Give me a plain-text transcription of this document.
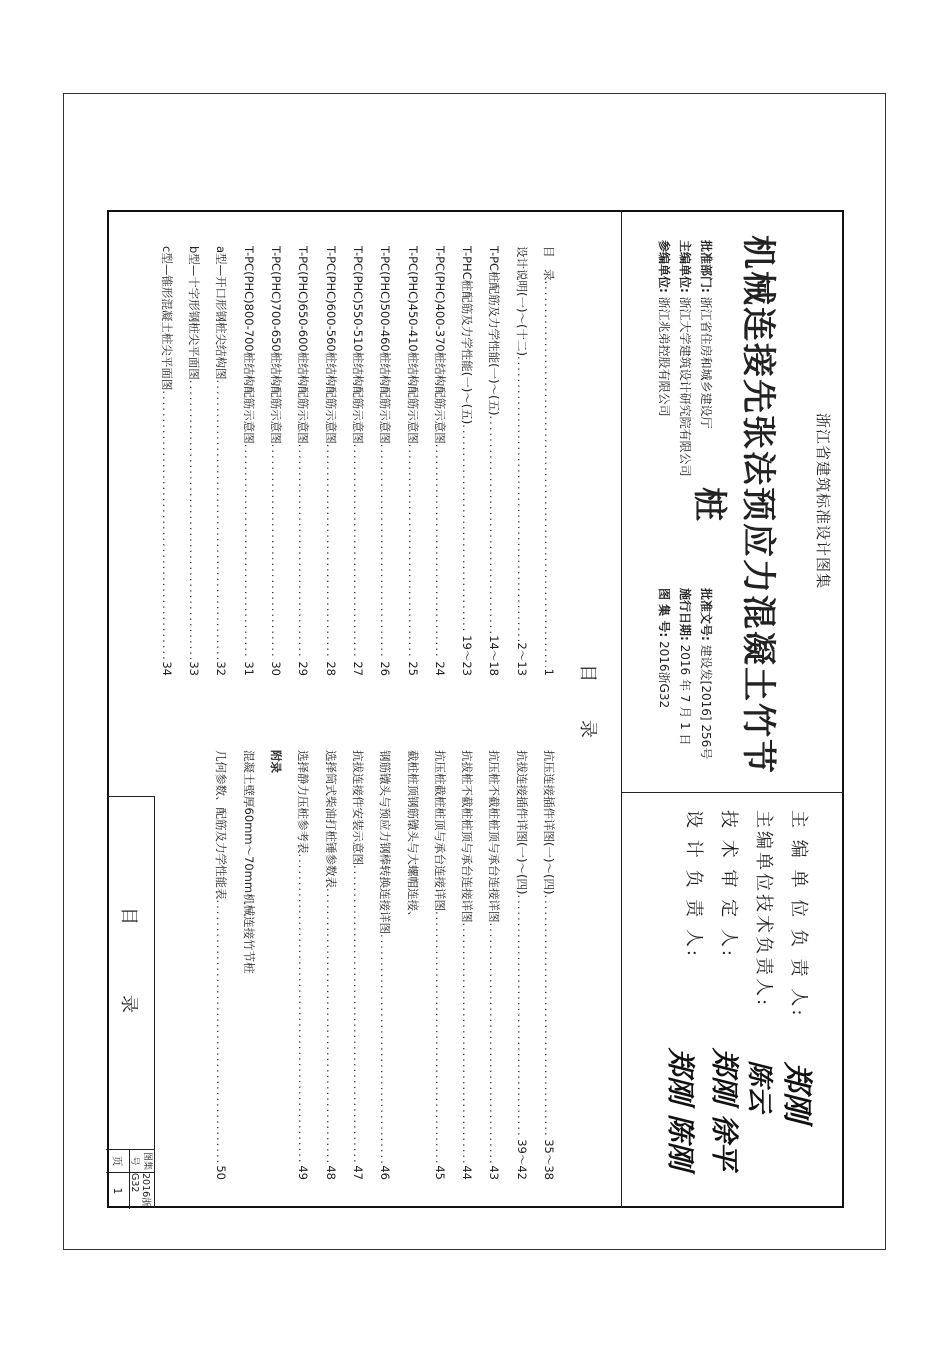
浙江省建筑标准设计图集
机械连接先张法预应力混凝土竹节桩
批准部门: 浙江省住房和城乡建设厅
主编单位: 浙江大学建筑设计研究院有限公司
参编单位: 浙江兆弟控股有限公司
批准文号: 建设发[2016] 256号
施行日期: 2016 年 7 月 1 日
图 集 号: 2016浙G32
主 编 单 位 负 责 人:
主编单位技术负责人:
技 术 审 定 人:
设 计 负 责 人:
郑刚
陈云
郑刚 徐平
郑刚 陈刚
目 录
目　录
.....
1
设计说明(一)～(十二)
.....
2～13
T-PC桩配筋及力学性能(一)～(五)
.....
14～18
T-PHC桩配筋及力学性能(一)～(五)
.....
19～23
T-PC(PHC)400-370桩结构配筋示意图
.....
24
T-PC(PHC)450-410桩结构配筋示意图
.....
25
T-PC(PHC)500-460桩结构配筋示意图
.....
26
T-PC(PHC)550-510桩结构配筋示意图
.....
27
T-PC(PHC)600-560桩结构配筋示意图
.....
28
T-PC(PHC)650-600桩结构配筋示意图
.....
29
T-PC(PHC)700-650桩结构配筋示意图
.....
30
T-PC(PHC)800-700桩结构配筋示意图
.....
31
a型—开口形钢桩尖结构图
.....
32
b型—十字形钢桩尖平面图
.....
33
c型—锥形混凝土桩尖平面图
.....
34
抗压连接插件详图(一)～(四)
.....
35～38
抗拔连接插件详图(一)～(四)
.....
39～42
抗压桩不截桩桩顶与承台连接详图
.....
43
抗拔桩不截桩桩顶与承台连接详图
.....
44
抗压桩截桩桩顶与承台连接详图
.....
45
截桩桩顶钢筋镦头与大螺帽连接、
钢筋镦头与预应力钢棒转换连接详图
.....
46
抗拔连接件安装示意图
.....
47
选择筒式柴油打桩锤参数表
.....
48
选择静力压桩参考表
.....
49
附录
混凝土壁厚60mm～70mm机械连接竹节桩
几何参数、配筋及力学性能表
.....
50
目　录
图集号
2016浙G32
页
1
